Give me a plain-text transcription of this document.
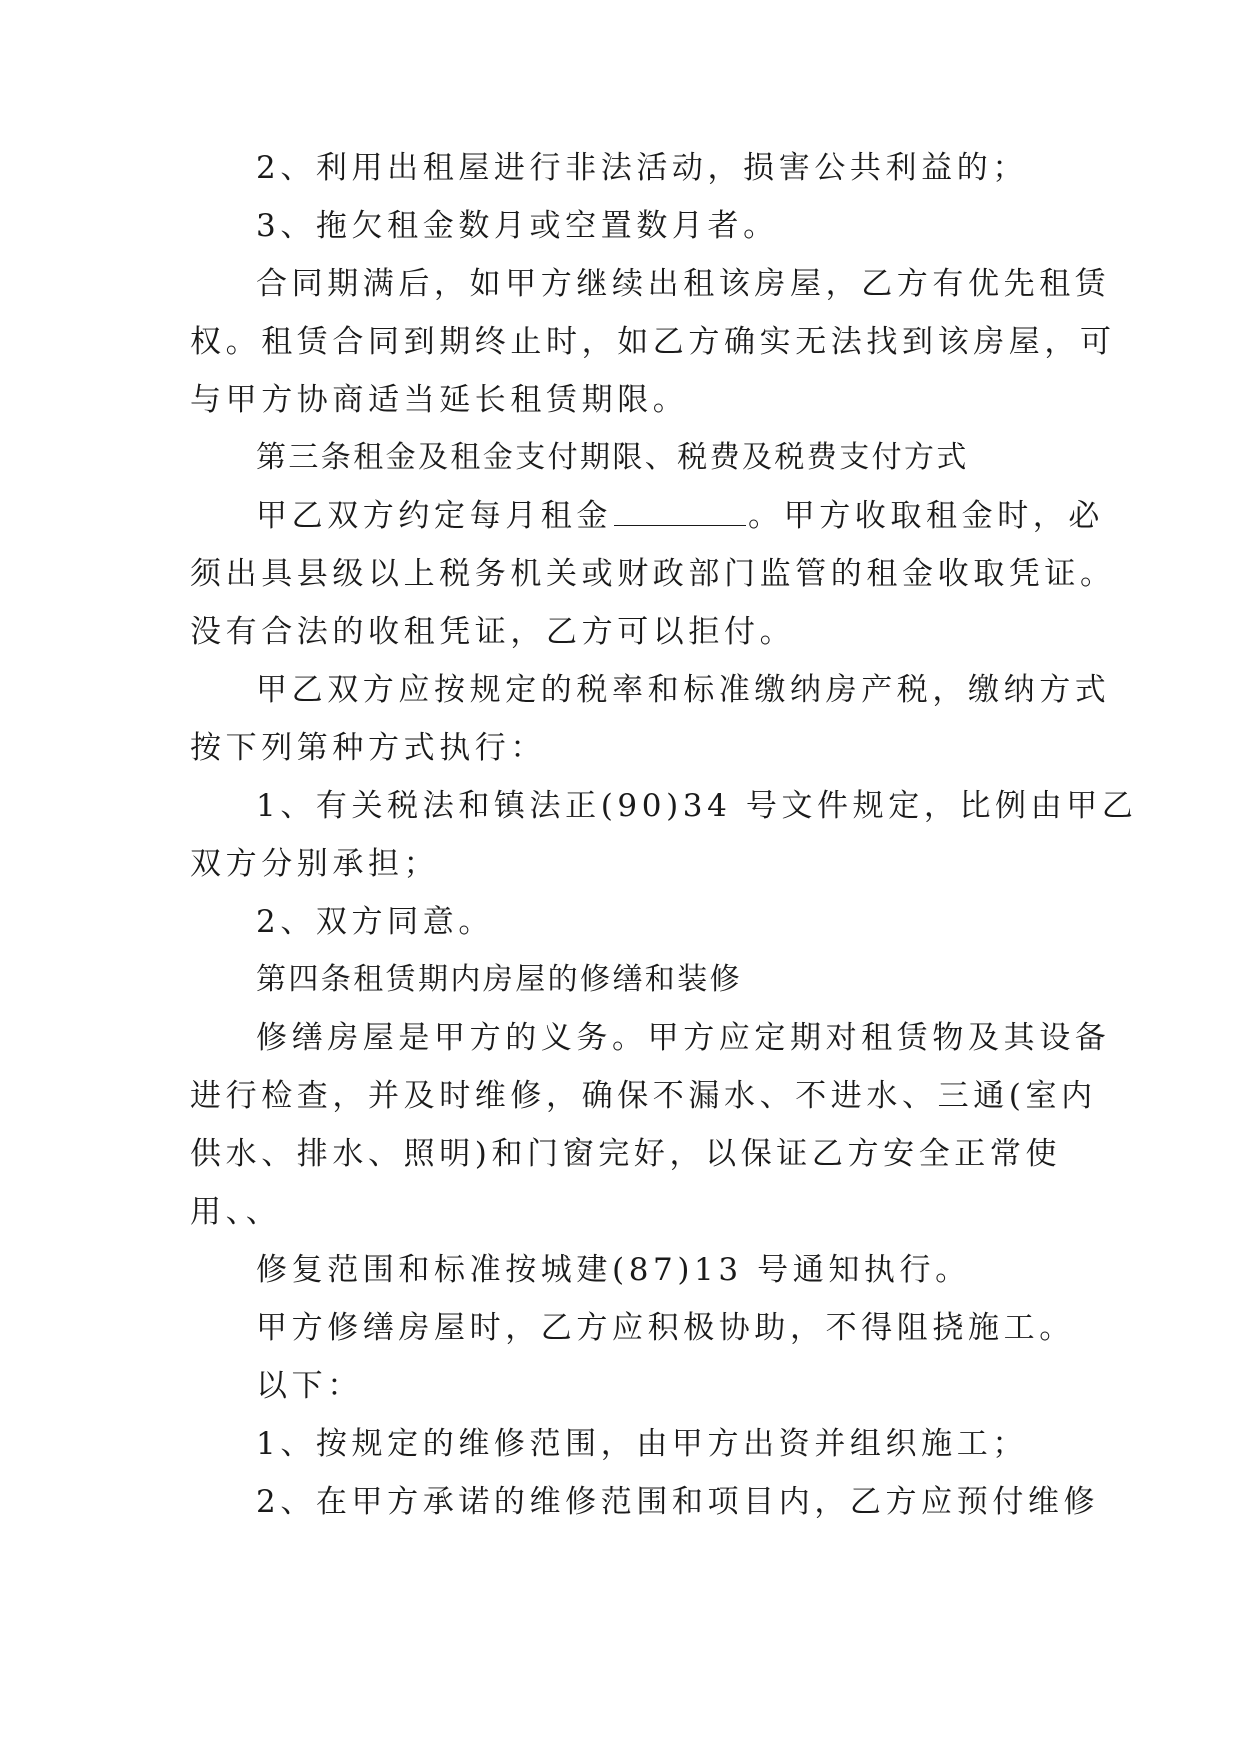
2、利用出租屋进行非法活动，损害公共利益的；
3、拖欠租金数月或空置数月者。
合同期满后，如甲方继续出租该房屋，乙方有优先租赁
权。租赁合同到期终止时，如乙方确实无法找到该房屋，可
与甲方协商适当延长租赁期限。
第三条租金及租金支付期限、税费及税费支付方式
甲乙双方约定每月租金	。甲方收取租金时，必
须出具县级以上税务机关或财政部门监管的租金收取凭证。
没有合法的收租凭证，乙方可以拒付。
甲乙双方应按规定的税率和标准缴纳房产税，缴纳方式
按下列第种方式执行：
1、有关税法和镇法正(90)34 号文件规定，比例由甲乙
双方分别承担；
2、双方同意。
第四条租赁期内房屋的修缮和装修
修缮房屋是甲方的义务。甲方应定期对租赁物及其设备
进行检查，并及时维修，确保不漏水、不进水、三通(室内
供水、排水、照明)和门窗完好，以保证乙方安全正常使
用、、
修复范围和标准按城建(87)13 号通知执行。
甲方修缮房屋时，乙方应积极协助，不得阻挠施工。
以下：
1、按规定的维修范围，由甲方出资并组织施工；
2、在甲方承诺的维修范围和项目内，乙方应预付维修
